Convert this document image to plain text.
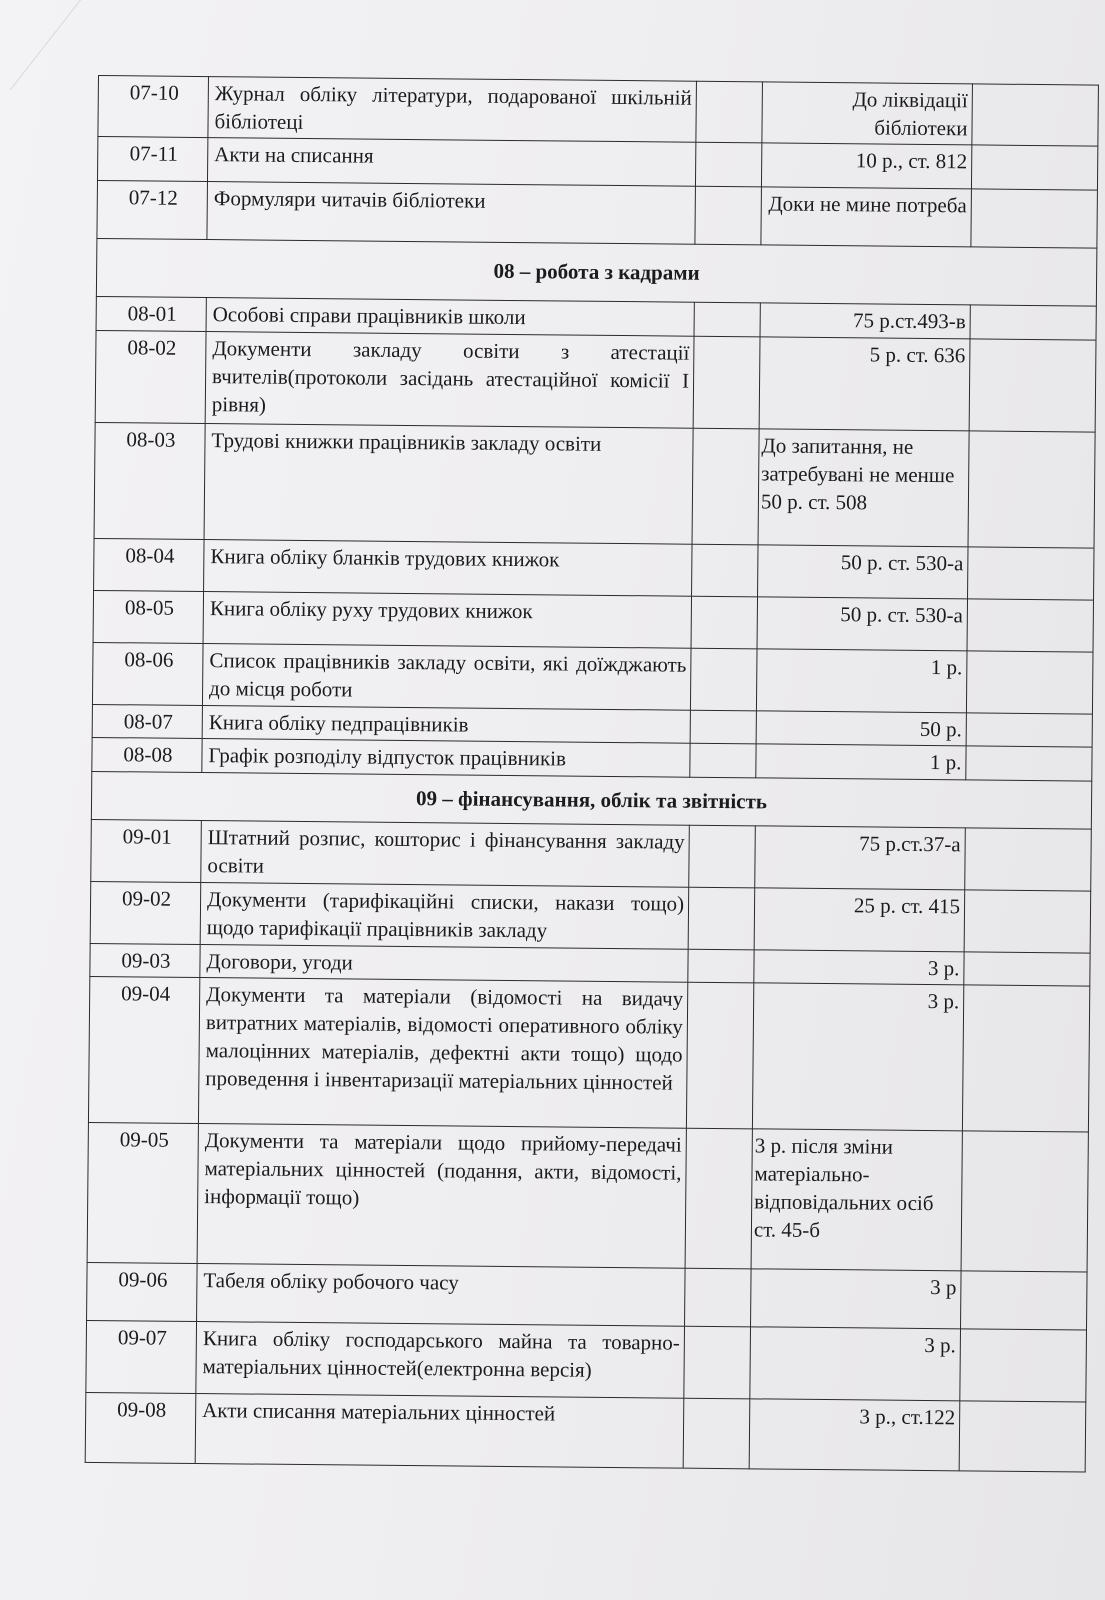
07-10	Журнал обліку літератури, подарованої шкільній бібліотеці		До ліквідації бібліотеки	
07-11	Акти на списання		10 р., ст. 812	
07-12	Формуляри читачів бібліотеки		Доки не мине потреба	
08 – робота з кадрами				
08-01	Особові справи працівників школи		75 р.ст.493-в	
08-02	Документи закладу освіти з атестації вчителів(протоколи засідань атестаційної комісії І рівня)		5 р. ст. 636	
08-03	Трудові книжки працівників закладу освіти		До запитання, не затребувані не менше 50 р. ст. 508	
08-04	Книга обліку бланків трудових книжок		50 р. ст. 530-а	
08-05	Книга обліку руху трудових книжок		50 р. ст. 530-а	
08-06	Список працівників закладу освіти, які доїжджають до місця роботи		1 р.	
08-07	Книга обліку педпрацівників		50 р.	
08-08	Графік розподілу відпусток працівників		1 р.	
09 – фінансування, облік та звітність				
09-01	Штатний розпис, кошторис і фінансування закладу освіти		75 р.ст.37-а	
09-02	Документи (тарифікаційні списки, накази тощо) щодо тарифікації працівників закладу		25 р. ст. 415	
09-03	Договори, угоди		3 р.	
09-04	Документи та матеріали (відомості на видачу витратних матеріалів, відомості оперативного обліку малоцінних матеріалів, дефектні акти тощо) щодо проведення і інвентаризації матеріальних цінностей		3 р.	
09-05	Документи та матеріали щодо прийому-передачі матеріальних цінностей (подання, акти, відомості, інформації тощо)		3 р. після зміни матеріально-відповідальних осіб ст. 45-б	
09-06	Табеля обліку робочого часу		3 р	
09-07	Книга обліку господарського майна та товарно-матеріальних цінностей(електронна версія)		3 р.	
09-08	Акти списання матеріальних цінностей		3 р., ст.122	
